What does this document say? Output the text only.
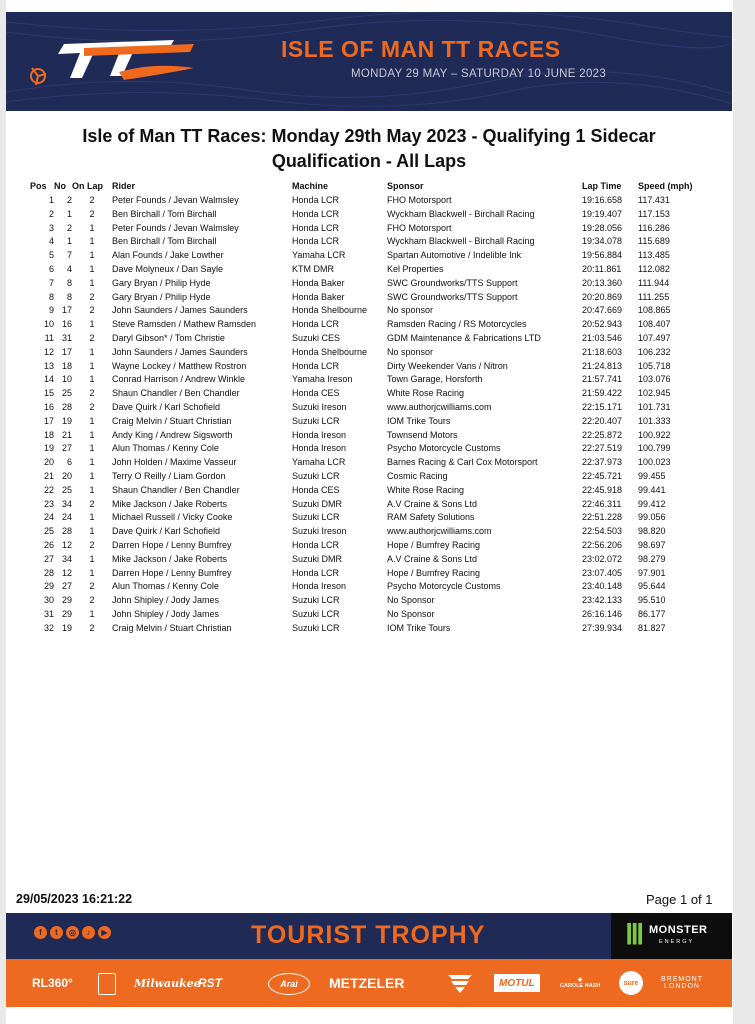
ISLE OF MAN TT RACES
MONDAY 29 MAY – SATURDAY 10 JUNE 2023
Isle of Man TT Races: Monday 29th May 2023 - Qualifying 1 Sidecar
Qualification - All Laps
Pos	No	On Lap	Rider	Machine	Sponsor	Lap Time	Speed (mph)
1	2	2	Peter Founds / Jevan Walmsley	Honda LCR	FHO Motorsport	19:16.658	117.431
2	1	2	Ben Birchall / Tom Birchall	Honda LCR	Wyckham Blackwell - Birchall Racing	19:19.407	117.153
3	2	1	Peter Founds / Jevan Walmsley	Honda LCR	FHO Motorsport	19:28.056	116.286
4	1	1	Ben Birchall / Tom Birchall	Honda LCR	Wyckham Blackwell - Birchall Racing	19:34.078	115.689
5	7	1	Alan Founds / Jake Lowther	Yamaha LCR	Spartan Automotive / Indelible Ink	19:56.884	113.485
6	4	1	Dave Molyneux / Dan Sayle	KTM DMR	Kel Properties	20:11.861	112.082
7	8	1	Gary Bryan / Philip Hyde	Honda Baker	SWC Groundworks/TTS Support	20:13.360	111.944
8	8	2	Gary Bryan / Philip Hyde	Honda Baker	SWC Groundworks/TTS Support	20:20.869	111.255
9	17	2	John Saunders / James Saunders	Honda Shelbourne	No sponsor	20:47.669	108.865
10	16	1	Steve Ramsden / Mathew Ramsden	Honda LCR	Ramsden Racing / RS Motorcycles	20:52.943	108.407
11	31	2	Daryl Gibson* / Tom Christie	Suzuki CES	GDM Maintenance & Fabrications LTD	21:03.546	107.497
12	17	1	John Saunders / James Saunders	Honda Shelbourne	No sponsor	21:18.603	106.232
13	18	1	Wayne Lockey / Matthew Rostron	Honda LCR	Dirty Weekender Vans / Nitron	21:24.813	105.718
14	10	1	Conrad Harrison / Andrew Winkle	Yamaha Ireson	Town Garage, Horsforth	21:57.741	103.076
15	25	2	Shaun Chandler / Ben Chandler	Honda CES	White Rose Racing	21:59.422	102.945
16	28	2	Dave Quirk / Karl Schofield	Suzuki Ireson	www.authorjcwilliams.com	22:15.171	101.731
17	19	1	Craig Melvin / Stuart Christian	Suzuki LCR	IOM Trike Tours	22:20.407	101.333
18	21	1	Andy King / Andrew Sigsworth	Honda Ireson	Townsend Motors	22:25.872	100.922
19	27	1	Alun Thomas / Kenny Cole	Honda Ireson	Psycho Motorcycle Customs	22:27.519	100.799
20	6	1	John Holden / Maxime Vasseur	Yamaha LCR	Barnes Racing & Carl Cox Motorsport	22:37.973	100.023
21	20	1	Terry O Reilly / Liam Gordon	Suzuki LCR	Cosmic Racing	22:45.721	99.455
22	25	1	Shaun Chandler / Ben Chandler	Honda CES	White Rose Racing	22:45.918	99.441
23	34	2	Mike Jackson / Jake Roberts	Suzuki DMR	A.V Craine & Sons Ltd	22:46.311	99.412
24	24	1	Michael Russell / Vicky Cooke	Suzuki LCR	RAM Safety Solutions	22:51.228	99.056
25	28	1	Dave Quirk / Karl Schofield	Suzuki Ireson	www.authorjcwilliams.com	22:54.503	98.820
26	12	2	Darren Hope / Lenny Bumfrey	Honda LCR	Hope / Bumfrey Racing	22:56.206	98.697
27	34	1	Mike Jackson / Jake Roberts	Suzuki DMR	A.V Craine & Sons Ltd	23:02.072	98.279
28	12	1	Darren Hope / Lenny Bumfrey	Honda LCR	Hope / Bumfrey Racing	23:07.405	97.901
29	27	2	Alun Thomas / Kenny Cole	Honda Ireson	Psycho Motorcycle Customs	23:40.148	95.644
30	29	2	John Shipley / Jody James	Suzuki LCR	No Sponsor	23:42.133	95.510
31	29	1	John Shipley / Jody James	Suzuki LCR	No Sponsor	26:16.146	86.177
32	19	2	Craig Melvin / Stuart Christian	Suzuki LCR	IOM Trike Tours	27:39.934	81.827
29/05/2023 16:21:22	Page 1 of 1
f	t	◎	♪	▶	TOURIST TROPHY	Ⅲ MONSTER
ENERGY
RL360°	Milwaukee
RST	Arai	METZELER	MOTUL	◆
CAROLE NASH	sure	BREMONT
LONDON
